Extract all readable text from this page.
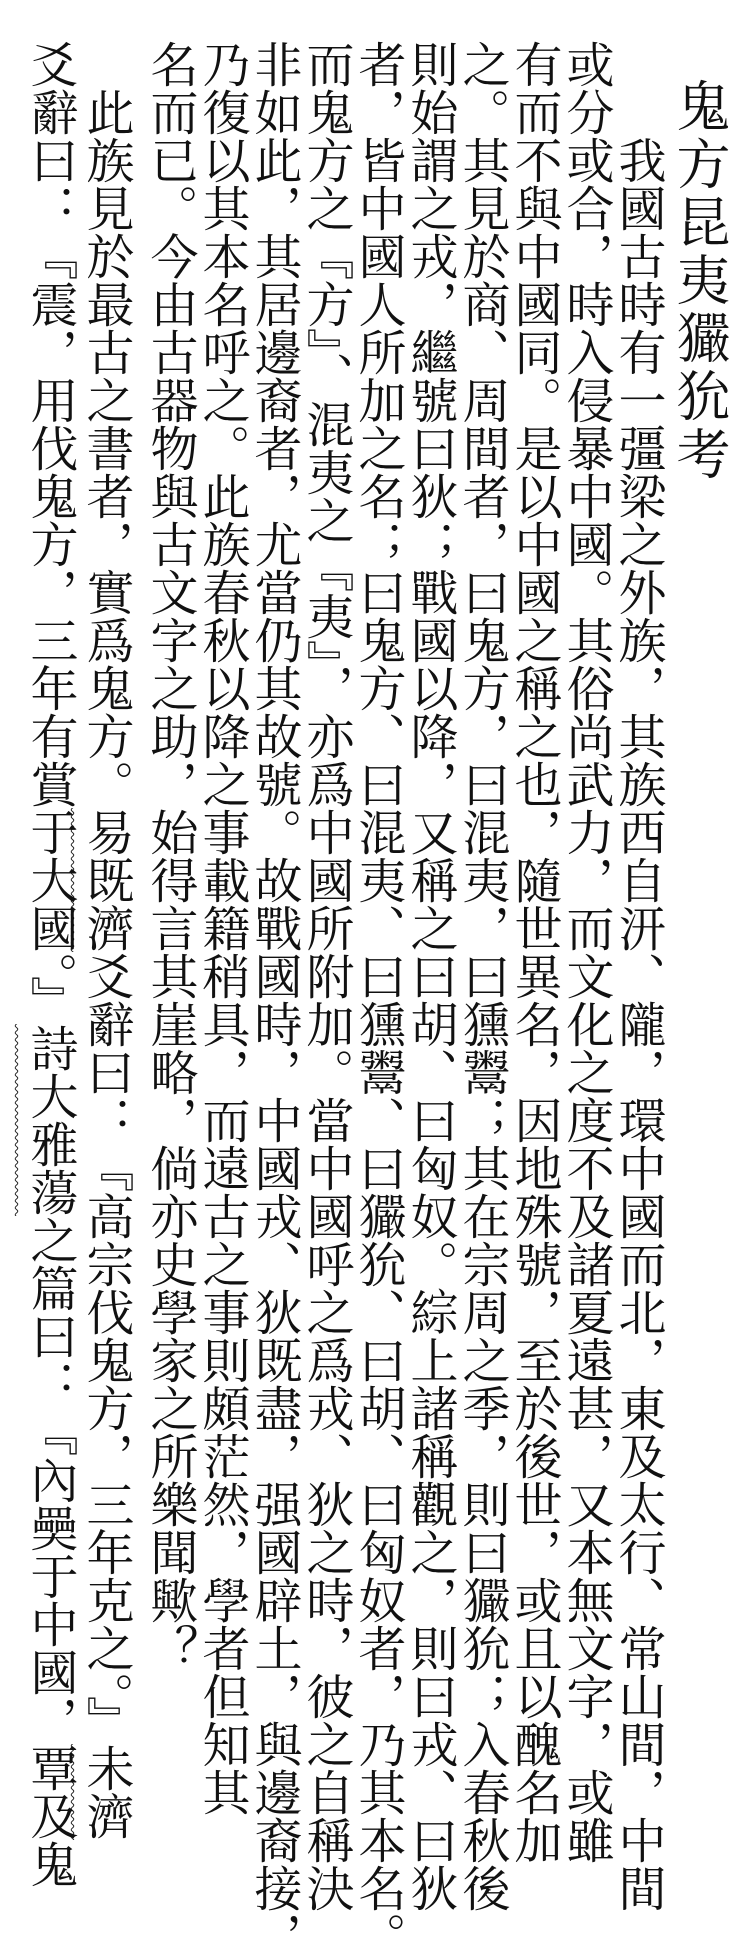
鬼方昆夷玁狁考
　我國古時有一彊梁之外族，其族西自汧、隴，環中國而北，東及太行、常山間，中間
或分或合，時入侵暴中國。其俗尚武力，而文化之度不及諸夏遠甚，又本無文字，或雖
有而不與中國同。是以中國之稱之也，隨世異名，因地殊號，至於後世，或且以醜名加
之。其見於商、周間者，曰鬼方，曰混夷，曰獯鬻；其在宗周之季，則曰玁狁；入春秋後
則始謂之戎，繼號曰狄；戰國以降，又稱之曰胡、曰匈奴。綜上諸稱觀之，則曰戎、曰狄
者，皆中國人所加之名；曰鬼方、曰混夷、曰獯鬻、曰玁狁、曰胡、曰匈奴者，乃其本名。
而鬼方之『方』、混夷之『夷』，亦爲中國所附加。當中國呼之爲戎、狄之時，彼之自稱決
非如此，其居邊裔者，尤當仍其故號。故戰國時，中國戎、狄既盡，强國辟土，與邊裔接，
乃復以其本名呼之。此族春秋以降之事載籍稍具，而遠古之事則頗茫然，學者但知其
名而已。今由古器物與古文字之助，始得言其崖略，倘亦史學家之所樂聞歟？
　此族見於最古之書者，實爲鬼方。易既濟爻辭曰：『高宗伐鬼方，三年克之。』未濟
爻辭曰：『震，用伐鬼方，三年有賞于大國。』詩大雅蕩之篇曰：『內奰于中國，覃及鬼
